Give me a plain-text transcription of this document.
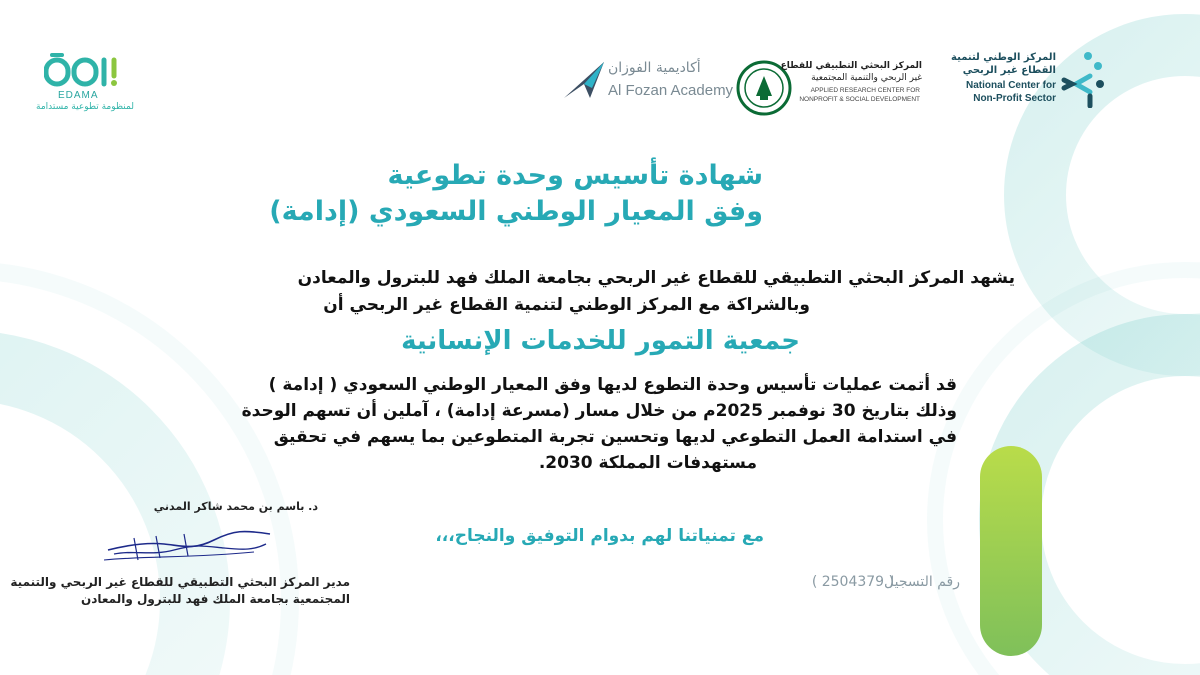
EDAMA
لمنظومة تطوعية مستدامة
أكاديمية الفوزان
Al Fozan Academy
المركز البحثي التطبيقي للقطاع
غير الربحي والتنمية المجتمعية
APPLIED RESEARCH CENTER FOR
NONPROFIT & SOCIAL DEVELOPMENT
المركز الوطني لتنمية
القطاع غير الربحي
National Center for
Non-Profit Sector
شهادة تأسيس وحدة تطوعية
وفق المعيار الوطني السعودي (إدامة)
يشهد المركز البحثي التطبيقي للقطاع غير الربحي بجامعة الملك فهد للبترول والمعادن
وبالشراكة مع المركز الوطني لتنمية القطاع غير الربحي أن
جمعية التمور للخدمات الإنسانية
قد أتمت عمليات تأسيس وحدة التطوع لديها وفق المعيار الوطني السعودي ( إدامة )
وذلك بتاريخ 30 نوفمبر 2025م من خلال مسار (مسرعة إدامة) ، آملين أن تسهم الوحدة
في استدامة العمل التطوعي لديها وتحسين تجربة المتطوعين بما يسهم في تحقيق
مستهدفات المملكة 2030.
مع تمنياتنا لهم بدوام التوفيق والنجاح،،،
د. باسم بن محمد شاكر المدني
مدير المركز البحثي التطبيقي للقطاع غير الربحي والتنمية
المجتمعية بجامعة الملك فهد للبترول والمعادن
رقم التسجيل
( 2504379 )
